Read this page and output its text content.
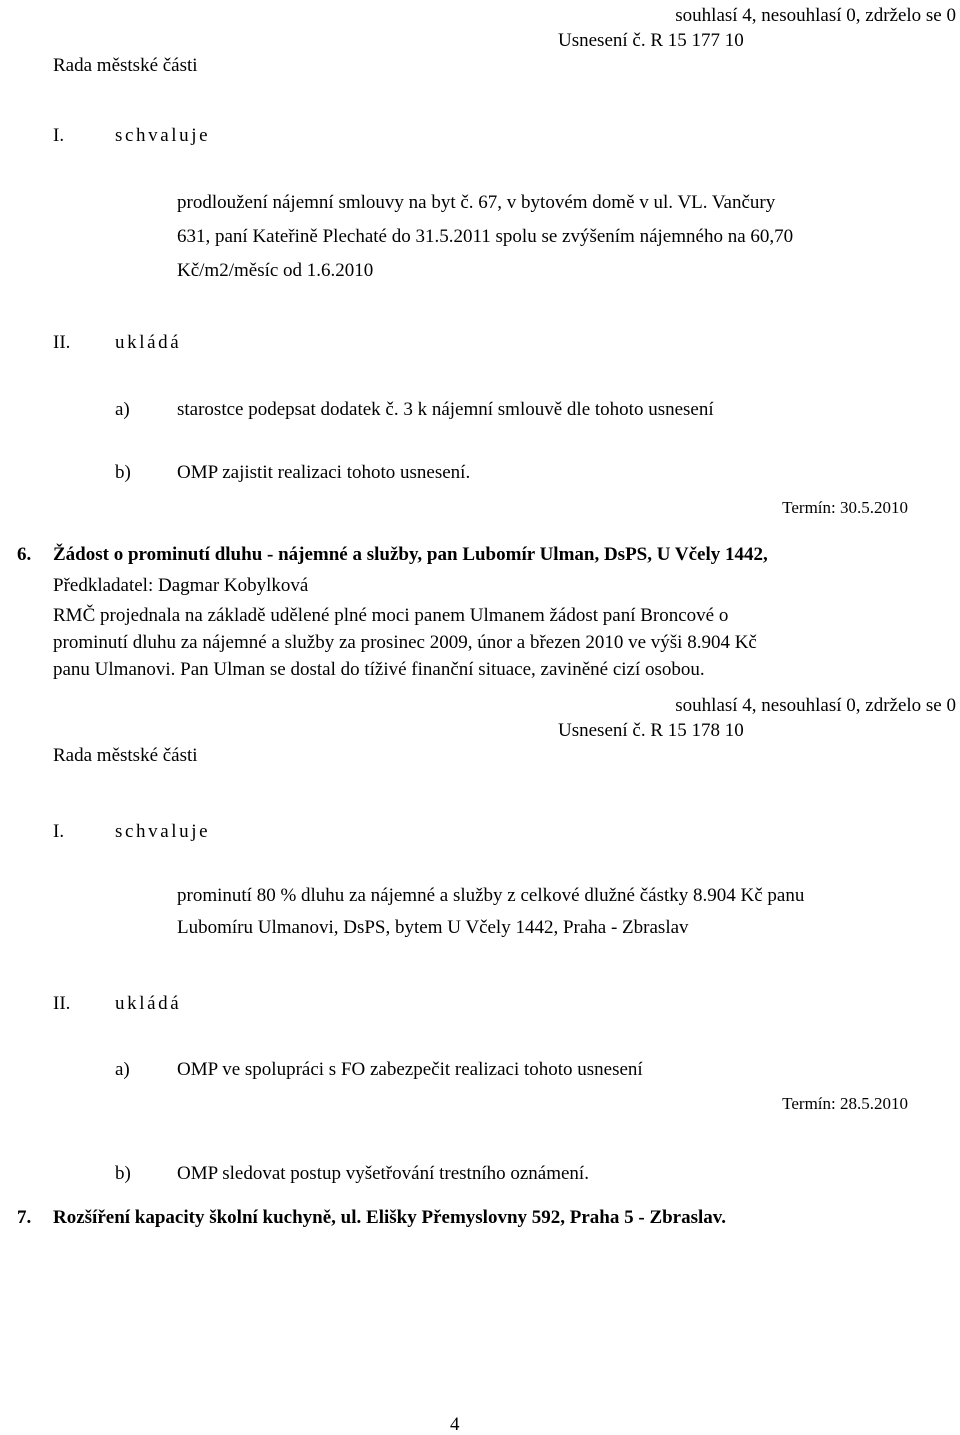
souhlasí 4, nesouhlasí 0, zdrželo se 0
Usnesení č. R 15 177 10
Rada městské části
I.	schvaluje
prodloužení nájemní smlouvy na byt č. 67, v bytovém domě v ul. VL. Vančury
631, paní Kateřině Plechaté do 31.5.2011 spolu se zvýšením nájemného na 60,70
Kč/m2/měsíc od 1.6.2010
II. ukládá
a) starostce podepsat dodatek č. 3 k nájemní smlouvě dle tohoto usnesení
b) OMP zajistit realizaci tohoto usnesení.
Termín: 30.5.2010
6. Žádost o prominutí dluhu - nájemné a služby, pan Lubomír Ulman, DsPS, U Včely 1442,
Předkladatel: Dagmar Kobylková
RMČ projednala na základě udělené plné moci panem Ulmanem žádost paní Broncové o
prominutí dluhu za nájemné a služby za prosinec 2009, únor a březen 2010 ve výši 8.904 Kč
panu Ulmanovi. Pan Ulman se dostal do tíživé finanční situace, zaviněné cizí osobou.
souhlasí 4, nesouhlasí 0, zdrželo se 0
Usnesení č. R 15 178 10
Rada městské části
I.	schvaluje
prominutí 80 % dluhu za nájemné a služby z celkové dlužné částky 8.904 Kč panu
Lubomíru Ulmanovi, DsPS, bytem U Včely 1442, Praha - Zbraslav
II. ukládá
a) OMP ve spolupráci s FO zabezpečit realizaci tohoto usnesení
Termín: 28.5.2010
b) OMP sledovat postup vyšetřování trestního oznámení.
7. Rozšíření kapacity školní kuchyně, ul. Elišky Přemyslovny 592, Praha 5 - Zbraslav.
4
